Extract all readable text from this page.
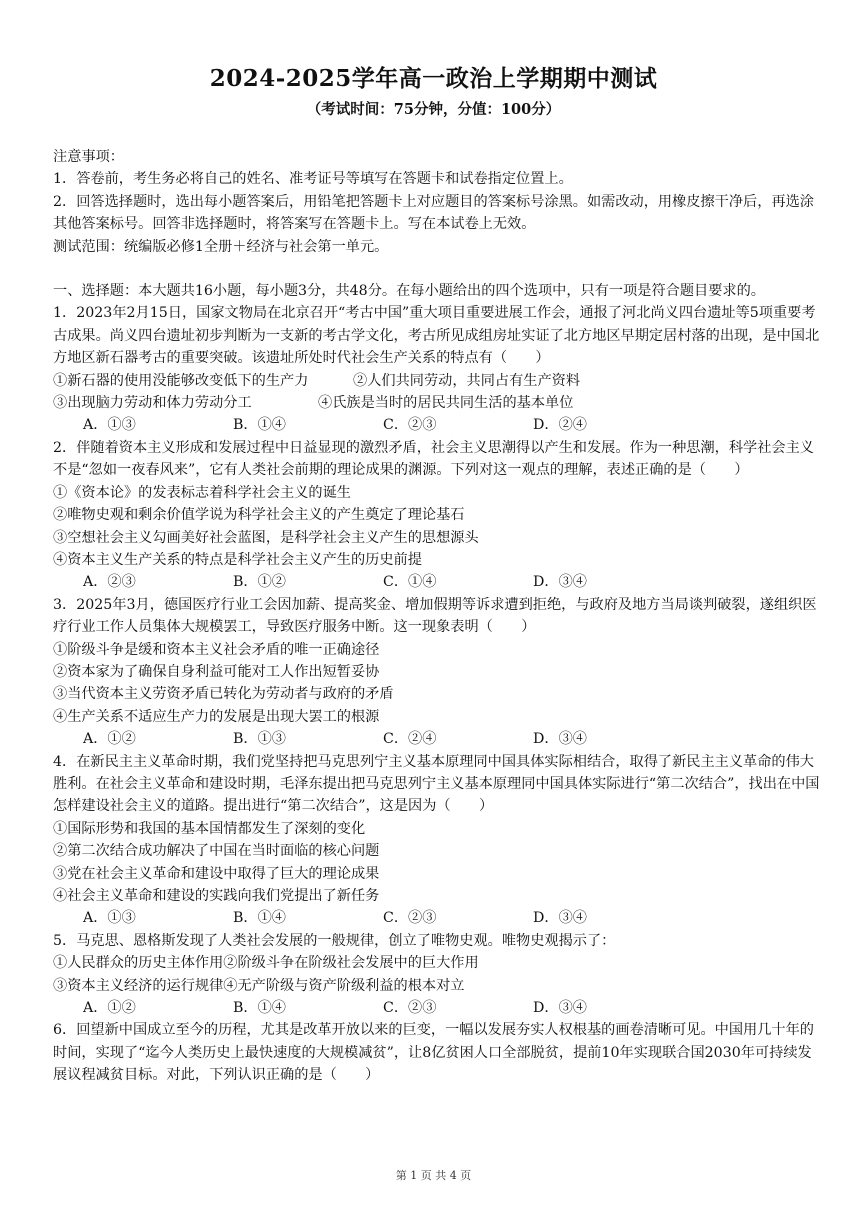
2024-2025学年高一政治上学期期中测试
（考试时间：75分钟，分值：100分）

注意事项：

1．答卷前，考生务必将自己的姓名、准考证号等填写在答题卡和试卷指定位置上。

2．回答选择题时，选出每小题答案后，用铅笔把答题卡上对应题目的答案标号涂黑。如需改动，用橡皮擦干净后，再选涂其他答案标号。回答非选择题时，将答案写在答题卡上。写在本试卷上无效。

测试范围：统编版必修1全册＋经济与社会第一单元。

一、选择题：本大题共16小题，每小题3分，共48分。在每小题给出的四个选项中，只有一项是符合题目要求的。

1．2023年2月15日，国家文物局在北京召开“考古中国”重大项目重要进展工作会，通报了河北尚义四台遗址等5项重要考古成果。尚义四台遗址初步判断为一支新的考古学文化，考古所见成组房址实证了北方地区早期定居村落的出现，是中国北方地区新石器考古的重要突破。该遗址所处时代社会生产关系的特点有（　　）

①新石器的使用没能够改变低下的生产力	②人们共同劳动，共同占有生产资料
③出现脑力劳动和体力劳动分工	④氏族是当时的居民共同生活的基本单位
A．①③	B．①④	C．②③	D．②④

2．伴随着资本主义形成和发展过程中日益显现的激烈矛盾，社会主义思潮得以产生和发展。作为一种思潮，科学社会主义不是“忽如一夜春风来”，它有人类社会前期的理论成果的渊源。下列对这一观点的理解，表述正确的是（　　）

①《资本论》的发表标志着科学社会主义的诞生

②唯物史观和剩余价值学说为科学社会主义的产生奠定了理论基石

③空想社会主义勾画美好社会蓝图，是科学社会主义产生的思想源头

④资本主义生产关系的特点是科学社会主义产生的历史前提

A．②③	B．①②	C．①④	D．③④

3．2025年3月，德国医疗行业工会因加薪、提高奖金、增加假期等诉求遭到拒绝，与政府及地方当局谈判破裂，遂组织医疗行业工作人员集体大规模罢工，导致医疗服务中断。这一现象表明（　　）

①阶级斗争是缓和资本主义社会矛盾的唯一正确途径

②资本家为了确保自身利益可能对工人作出短暂妥协

③当代资本主义劳资矛盾已转化为劳动者与政府的矛盾

④生产关系不适应生产力的发展是出现大罢工的根源

A．①②	B．①③	C．②④	D．③④

4．在新民主主义革命时期，我们党坚持把马克思列宁主义基本原理同中国具体实际相结合，取得了新民主主义革命的伟大胜利。在社会主义革命和建设时期，毛泽东提出把马克思列宁主义基本原理同中国具体实际进行“第二次结合”，找出在中国怎样建设社会主义的道路。提出进行“第二次结合”，这是因为（　　）

①国际形势和我国的基本国情都发生了深刻的变化

②第二次结合成功解决了中国在当时面临的核心问题

③党在社会主义革命和建设中取得了巨大的理论成果

④社会主义革命和建设的实践向我们党提出了新任务

A．①③	B．①④	C．②③	D．③④

5．马克思、恩格斯发现了人类社会发展的一般规律，创立了唯物史观。唯物史观揭示了：

①人民群众的历史主体作用②阶级斗争在阶级社会发展中的巨大作用

③资本主义经济的运行规律④无产阶级与资产阶级利益的根本对立

A．①②	B．①④	C．②③	D．③④

6．回望新中国成立至今的历程，尤其是改革开放以来的巨变，一幅以发展夯实人权根基的画卷清晰可见。中国用几十年的时间，实现了“迄今人类历史上最快速度的大规模减贫”，让8亿贫困人口全部脱贫，提前10年实现联合国2030年可持续发展议程减贫目标。对此，下列认识正确的是（　　）

第 1 页 共 4 页
